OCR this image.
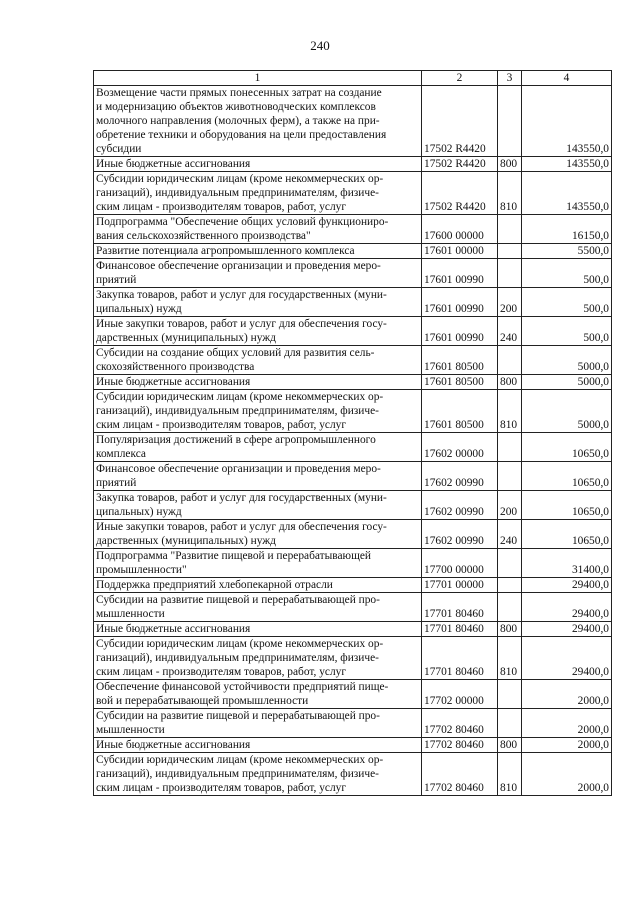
240
1	2	3	4

Возмещение части прямых понесенных затрат на создание
и модернизацию объектов животноводческих комплексов
молочного направления (молочных ферм), а также на при-
обретение техники и оборудования на цели предоставления
субсидии	17502 R4420		143550,0

Иные бюджетные ассигнования	17502 R4420	800	143550,0

Субсидии юридическим лицам (кроме некоммерческих ор-
ганизаций), индивидуальным предпринимателям, физиче-
ским лицам - производителям товаров, работ, услуг	17502 R4420	810	143550,0

Подпрограмма "Обеспечение общих условий функциониро-
вания сельскохозяйственного производства"	17600 00000		16150,0

Развитие потенциала агропромышленного комплекса	17601 00000		5500,0

Финансовое обеспечение организации и проведения меро-
приятий	17601 00990		500,0

Закупка товаров, работ и услуг для государственных (муни-
ципальных) нужд	17601 00990	200	500,0

Иные закупки товаров, работ и услуг для обеспечения госу-
дарственных (муниципальных) нужд	17601 00990	240	500,0

Субсидии на создание общих условий для развития сель-
скохозяйственного производства	17601 80500		5000,0

Иные бюджетные ассигнования	17601 80500	800	5000,0

Субсидии юридическим лицам (кроме некоммерческих ор-
ганизаций), индивидуальным предпринимателям, физиче-
ским лицам - производителям товаров, работ, услуг	17601 80500	810	5000,0

Популяризация достижений в сфере агропромышленного
комплекса	17602 00000		10650,0

Финансовое обеспечение организации и проведения меро-
приятий	17602 00990		10650,0

Закупка товаров, работ и услуг для государственных (муни-
ципальных) нужд	17602 00990	200	10650,0

Иные закупки товаров, работ и услуг для обеспечения госу-
дарственных (муниципальных) нужд	17602 00990	240	10650,0

Подпрограмма "Развитие пищевой и перерабатывающей
промышленности"	17700 00000		31400,0

Поддержка предприятий хлебопекарной отрасли	17701 00000		29400,0

Субсидии на развитие пищевой и перерабатывающей про-
мышленности	17701 80460		29400,0

Иные бюджетные ассигнования	17701 80460	800	29400,0

Субсидии юридическим лицам (кроме некоммерческих ор-
ганизаций), индивидуальным предпринимателям, физиче-
ским лицам - производителям товаров, работ, услуг	17701 80460	810	29400,0

Обеспечение финансовой устойчивости предприятий пище-
вой и перерабатывающей промышленности	17702 00000		2000,0

Субсидии на развитие пищевой и перерабатывающей про-
мышленности	17702 80460		2000,0

Иные бюджетные ассигнования	17702 80460	800	2000,0

Субсидии юридическим лицам (кроме некоммерческих ор-
ганизаций), индивидуальным предпринимателям, физиче-
ским лицам - производителям товаров, работ, услуг	17702 80460	810	2000,0
